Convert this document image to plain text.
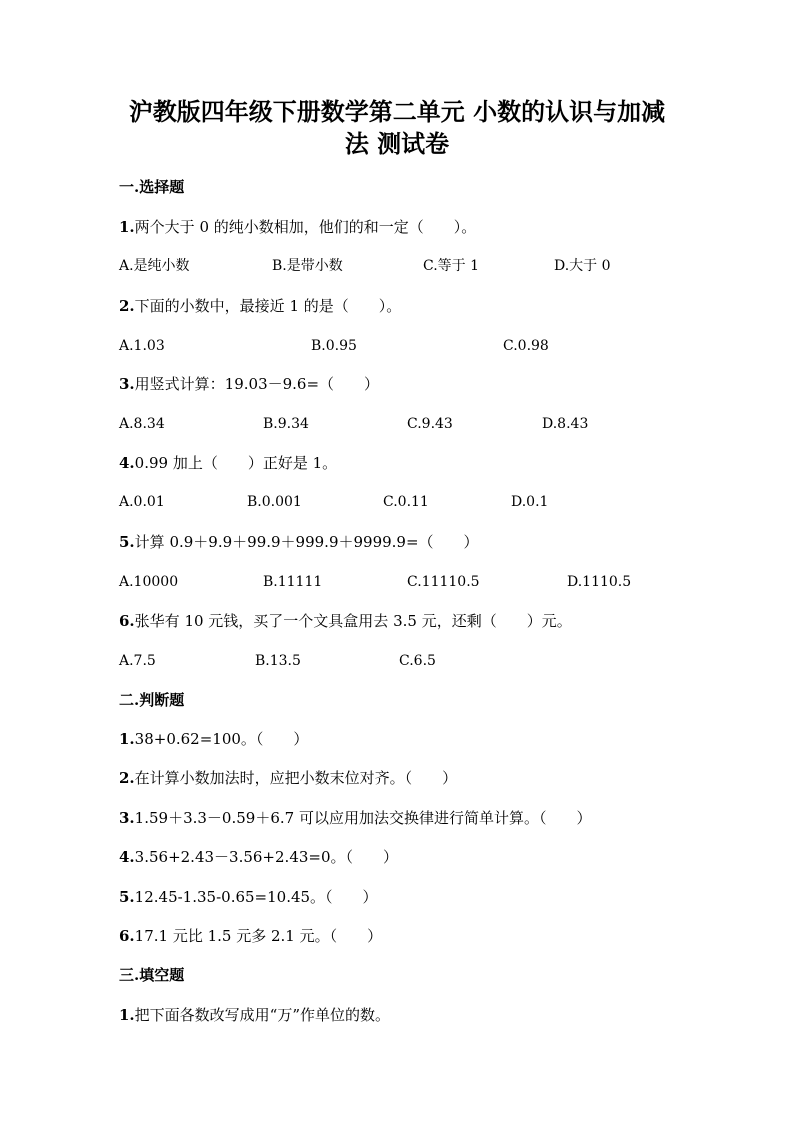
沪教版四年级下册数学第二单元 小数的认识与加减
法 测试卷
一.选择题
1.两个大于 0 的纯小数相加，他们的和一定（　　）。
A.是纯小数	B.是带小数	C.等于 1	D.大于 0
2.下面的小数中，最接近 1 的是（　　）。
A.1.03	B.0.95	C.0.98
3.用竖式计算：19.03－9.6=（　　）
A.8.34	B.9.34	C.9.43	D.8.43
4.0.99 加上（　　）正好是 1。
A.0.01	B.0.001	C.0.11	D.0.1
5.计算 0.9＋9.9＋99.9＋999.9＋9999.9=（　　）
A.10000	B.11111	C.11110.5	D.1110.5
6.张华有 10 元钱，买了一个文具盒用去 3.5 元，还剩（　　）元。
A.7.5	B.13.5	C.6.5
二.判断题
1.38+0.62=100。（　　）
2.在计算小数加法时，应把小数末位对齐。（　　）
3.1.59＋3.3－0.59＋6.7 可以应用加法交换律进行简单计算。（　　）
4.3.56+2.43－3.56+2.43=0。（　　）
5.12.45-1.35-0.65=10.45。（　　）
6.17.1 元比 1.5 元多 2.1 元。（　　）
三.填空题
1.把下面各数改写成用“万”作单位的数。
